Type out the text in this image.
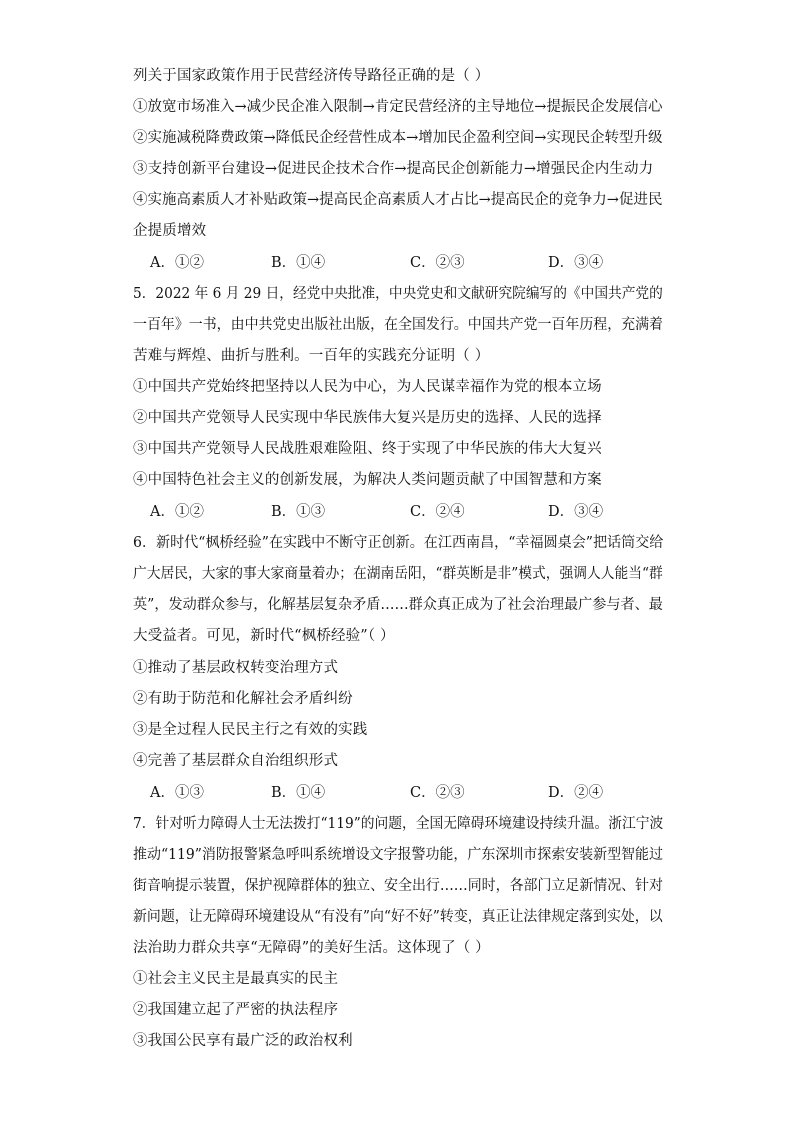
列关于国家政策作用于民营经济传导路径正确的是（ ）
①放宽市场准入→减少民企准入限制→肯定民营经济的主导地位→提振民企发展信心
②实施减税降费政策→降低民企经营性成本→增加民企盈利空间→实现民企转型升级
③支持创新平台建设→促进民企技术合作→提高民企创新能力→增强民企内生动力
④实施高素质人才补贴政策→提高民企高素质人才占比→提高民企的竞争力→促进民
企提质增效
A．①②	B．①④	C．②③	D．③④
5．2022 年 6 月 29 日，经党中央批准，中央党史和文献研究院编写的《中国共产党的
一百年》一书，由中共党史出版社出版，在全国发行。中国共产党一百年历程，充满着
苦难与辉煌、曲折与胜利。一百年的实践充分证明（ ）
①中国共产党始终把坚持以人民为中心，为人民谋幸福作为党的根本立场
②中国共产党领导人民实现中华民族伟大复兴是历史的选择、人民的选择
③中国共产党领导人民战胜艰难险阻、终于实现了中华民族的伟大大复兴
④中国特色社会主义的创新发展，为解决人类问题贡献了中国智慧和方案
A．①②	B．①③	C．②④	D．③④
6．新时代“枫桥经验”在实践中不断守正创新。在江西南昌，“幸福圆桌会”把话筒交给
广大居民，大家的事大家商量着办；在湖南岳阳，“群英断是非”模式，强调人人能当“群
英”，发动群众参与，化解基层复杂矛盾……群众真正成为了社会治理最广参与者、最
大受益者。可见，新时代“枫桥经验”（ ）
①推动了基层政权转变治理方式
②有助于防范和化解社会矛盾纠纷
③是全过程人民民主行之有效的实践
④完善了基层群众自治组织形式
A．①③	B．①④	C．②③	D．②④
7．针对听力障碍人士无法拨打“119”的问题，全国无障碍环境建设持续升温。浙江宁波
推动“119”消防报警紧急呼叫系统增设文字报警功能，广东深圳市探索安装新型智能过
街音响提示装置，保护视障群体的独立、安全出行……同时，各部门立足新情况、针对
新问题，让无障碍环境建设从“有没有”向“好不好”转变，真正让法律规定落到实处，以
法治助力群众共享“无障碍”的美好生活。这体现了（ ）
①社会主义民主是最真实的民主
②我国建立起了严密的执法程序
③我国公民享有最广泛的政治权利
